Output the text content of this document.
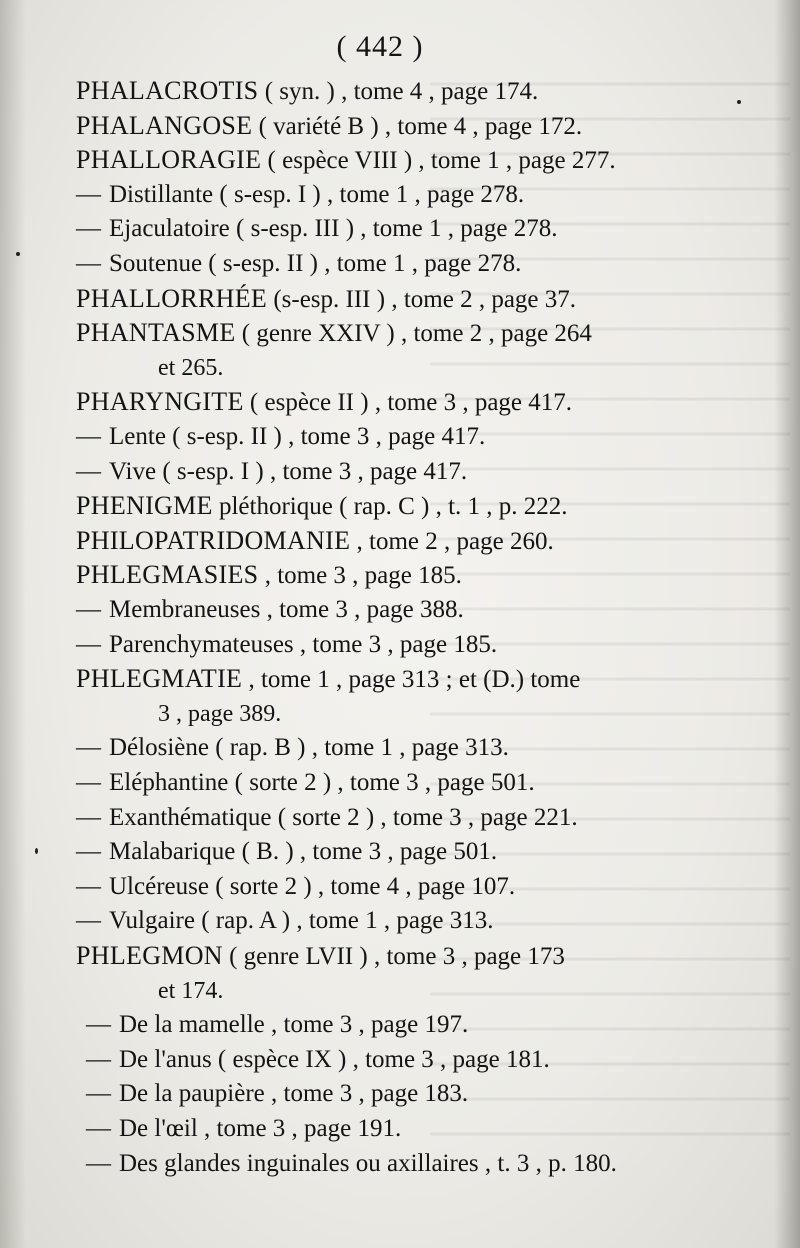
( 442 )
PHALACROTIS ( syn. ) , tome 4 , page 174.
PHALANGOSE ( variété B ) , tome 4 , page 172.
PHALLORAGIE ( espèce VIII ) , tome 1 , page 277.
— Distillante ( s-esp. I ) , tome 1 , page 278.
— Ejaculatoire ( s-esp. III ) , tome 1 , page 278.
— Soutenue ( s-esp. II ) , tome 1 , page 278.
PHALLORRHÉE (s-esp. III ) , tome 2 , page 37.
PHANTASME ( genre XXIV ) , tome 2 , page 264
et 265.
PHARYNGITE ( espèce II ) , tome 3 , page 417.
— Lente ( s-esp. II ) , tome 3 , page 417.
— Vive ( s-esp. I ) , tome 3 , page 417.
PHENIGME pléthorique ( rap. C ) , t. 1 , p. 222.
PHILOPATRIDOMANIE , tome 2 , page 260.
PHLEGMASIES , tome 3 , page 185.
— Membraneuses , tome 3 , page 388.
— Parenchymateuses , tome 3 , page 185.
PHLEGMATIE , tome 1 , page 313 ; et (D.) tome
3 , page 389.
— Délosiène ( rap. B ) , tome 1 , page 313.
— Eléphantine ( sorte 2 ) , tome 3 , page 501.
— Exanthématique ( sorte 2 ) , tome 3 , page 221.
— Malabarique ( B. ) , tome 3 , page 501.
— Ulcéreuse ( sorte 2 ) , tome 4 , page 107.
— Vulgaire ( rap. A ) , tome 1 , page 313.
PHLEGMON ( genre LVII ) , tome 3 , page 173
et 174.
— De la mamelle , tome 3 , page 197.
— De l'anus ( espèce IX ) , tome 3 , page 181.
— De la paupière , tome 3 , page 183.
— De l'œil , tome 3 , page 191.
— Des glandes inguinales ou axillaires , t. 3 , p. 180.
